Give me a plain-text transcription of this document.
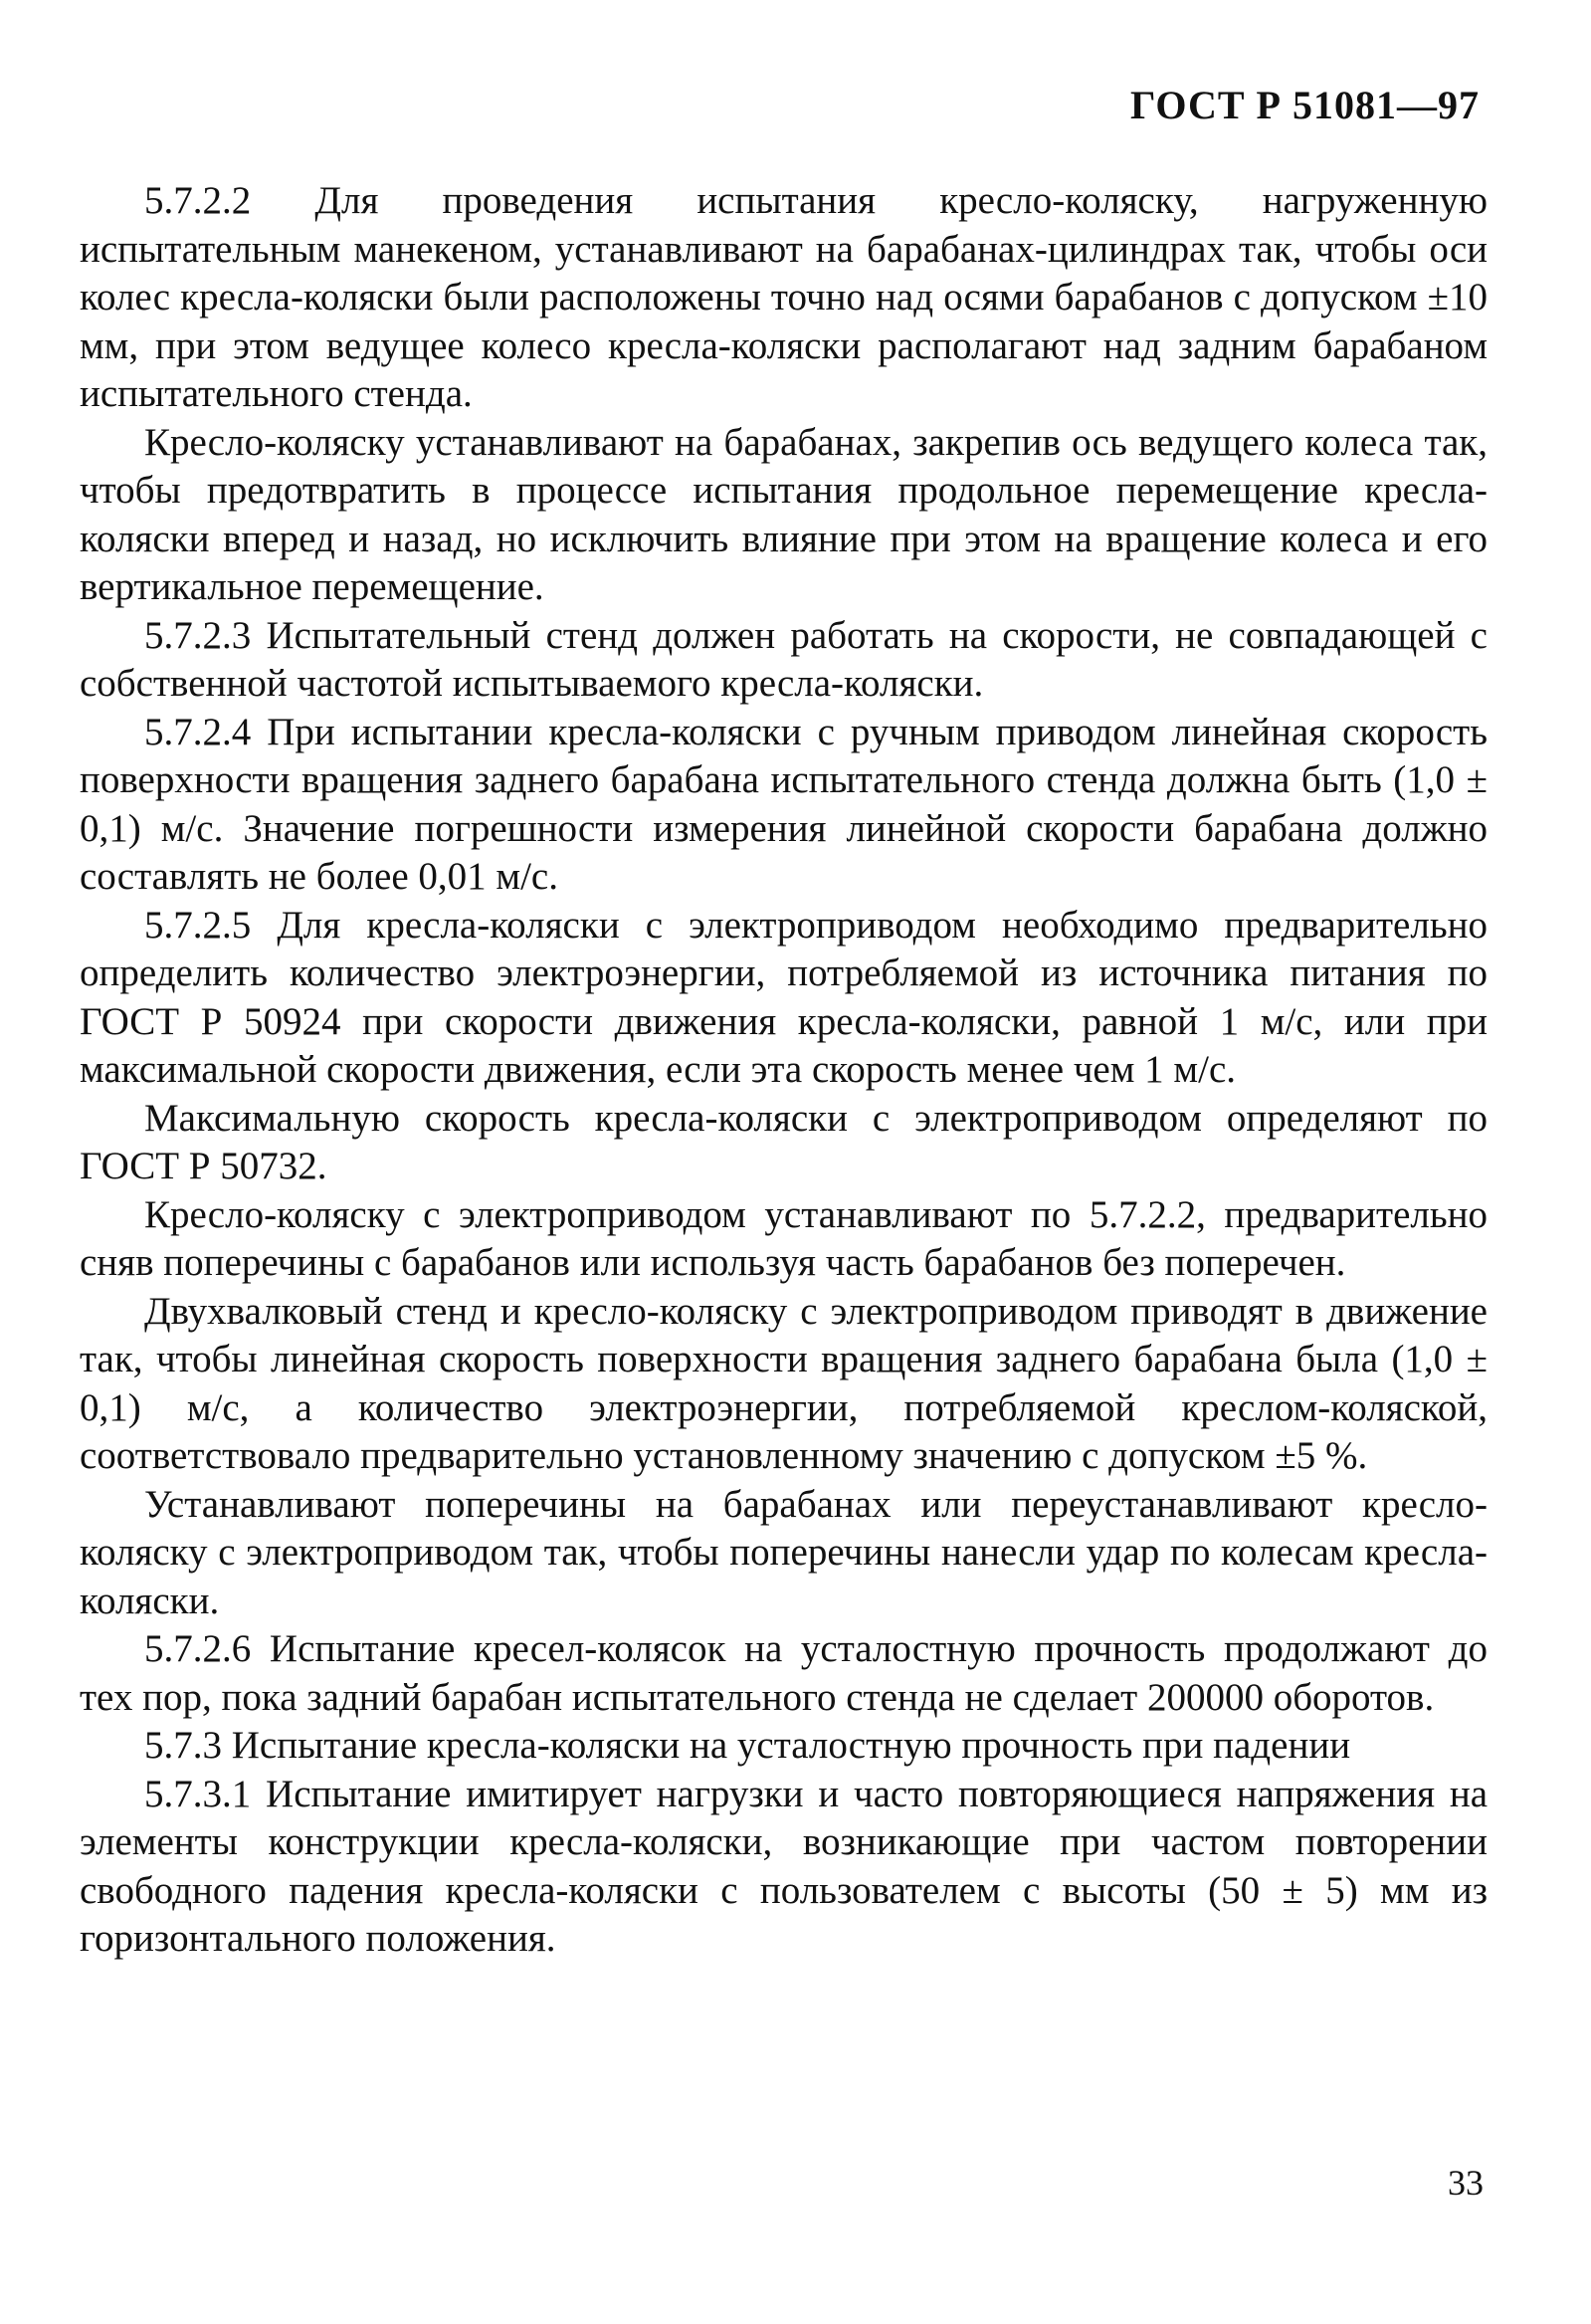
ГОСТ Р 51081—97

5.7.2.2 Для проведения испытания кресло-коляску, нагруженную испытательным манекеном, устанавливают на барабанах-цилиндрах так, чтобы оси колес кресла-коляски были расположены точно над осями барабанов с допуском ±10 мм, при этом ведущее колесо кресла-коляски располагают над задним барабаном испытательного стенда.

Кресло-коляску устанавливают на барабанах, закрепив ось ведущего колеса так, чтобы предотвратить в процессе испытания продольное перемещение кресла-коляски вперед и назад, но исключить влияние при этом на вращение колеса и его вертикальное перемещение.

5.7.2.3 Испытательный стенд должен работать на скорости, не совпадающей с собственной частотой испытываемого кресла-коляски.

5.7.2.4 При испытании кресла-коляски с ручным приводом линейная скорость поверхности вращения заднего барабана испытательного стенда должна быть (1,0 ± 0,1) м/с. Значение погрешности измерения линейной скорости барабана должно составлять не более 0,01 м/с.

5.7.2.5 Для кресла-коляски с электроприводом необходимо предварительно определить количество электроэнергии, потребляемой из источника питания по ГОСТ Р 50924 при скорости движения кресла-коляски, равной 1 м/с, или при максимальной скорости движения, если эта скорость менее чем 1 м/с.

Максимальную скорость кресла-коляски с электроприводом определяют по ГОСТ Р 50732.

Кресло-коляску с электроприводом устанавливают по 5.7.2.2, предварительно сняв поперечины с барабанов или используя часть барабанов без поперечен.

Двухвалковый стенд и кресло-коляску с электроприводом приводят в движение так, чтобы линейная скорость поверхности вращения заднего барабана была (1,0 ± 0,1) м/с, а количество электроэнергии, потребляемой креслом-коляской, соответствовало предварительно установленному значению с допуском ±5 %.

Устанавливают поперечины на барабанах или переустанавливают кресло-коляску с электроприводом так, чтобы поперечины нанесли удар по колесам кресла-коляски.

5.7.2.6 Испытание кресел-колясок на усталостную прочность продолжают до тех пор, пока задний барабан испытательного стенда не сделает 200000 оборотов.

5.7.3 Испытание кресла-коляски на усталостную прочность при падении

5.7.3.1 Испытание имитирует нагрузки и часто повторяющиеся напряжения на элементы конструкции кресла-коляски, возникающие при частом повторении свободного падения кресла-коляски с пользователем с высоты (50 ± 5) мм из горизонтального положения.

33
